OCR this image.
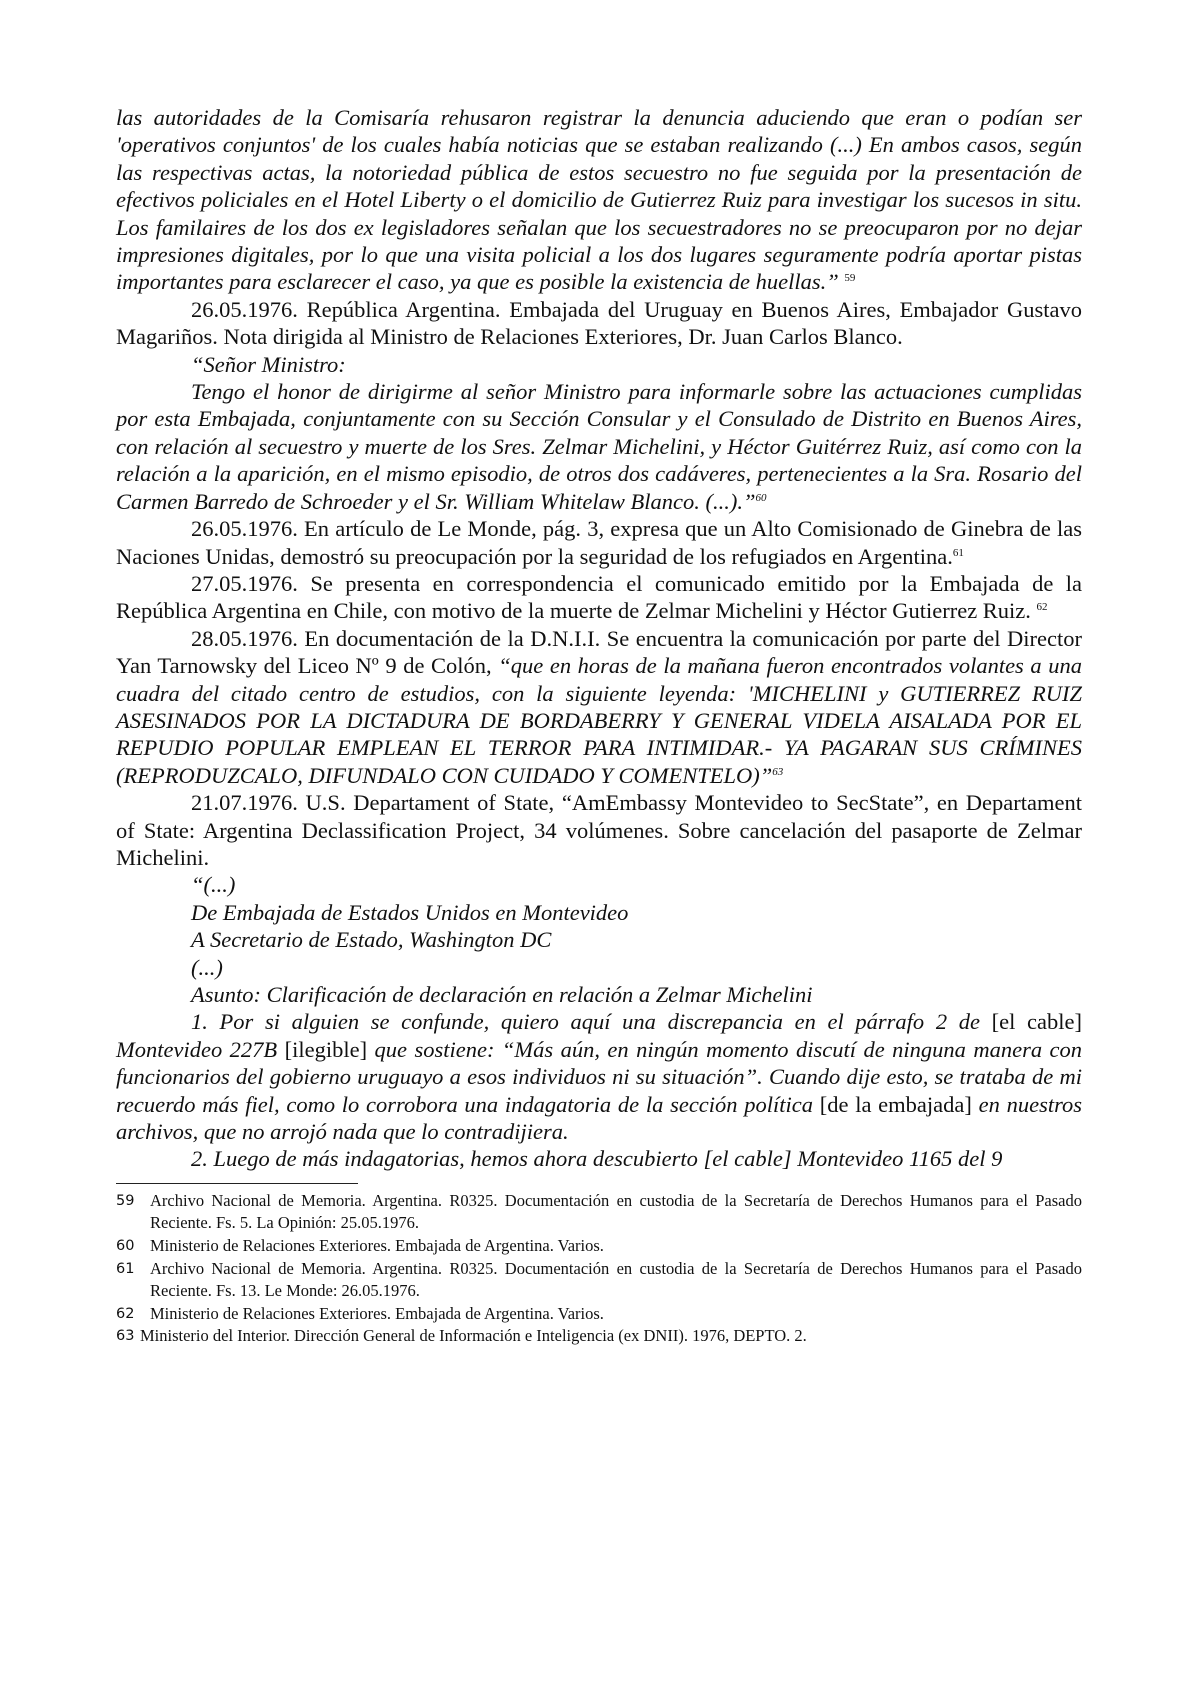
las autoridades de la Comisaría rehusaron registrar la denuncia aduciendo que eran o podían ser 'operativos conjuntos' de los cuales había noticias que se estaban realizando (...) En ambos casos, según las respectivas actas, la notoriedad pública de estos secuestro no fue seguida por la presentación de efectivos policiales en el Hotel Liberty o el domicilio de Gutierrez Ruiz para investigar los sucesos in situ. Los familaires de los dos ex legisladores señalan que los secuestradores no se preocuparon por no dejar impresiones digitales, por lo que una visita policial a los dos lugares seguramente podría aportar pistas importantes para esclarecer el caso, ya que es posible la existencia de huellas.” $^{59}$

26.05.1976. República Argentina. Embajada del Uruguay en Buenos Aires, Embajador Gustavo Magariños. Nota dirigida al Ministro de Relaciones Exteriores, Dr. Juan Carlos Blanco.

“Señor Ministro:

Tengo el honor de dirigirme al señor Ministro para informarle sobre las actuaciones cumplidas por esta Embajada, conjuntamente con su Sección Consular y el Consulado de Distrito en Buenos Aires, con relación al secuestro y muerte de los Sres. Zelmar Michelini, y Héctor Guitérrez Ruiz, así como con la relación a la aparición, en el mismo episodio, de otros dos cadáveres, pertenecientes a la Sra. Rosario del Carmen Barredo de Schroeder y el Sr. William Whitelaw Blanco. (...).”$^{60}$

26.05.1976. En artículo de Le Monde, pág. 3, expresa que un Alto Comisionado de Ginebra de las Naciones Unidas, demostró su preocupación por la seguridad de los refugiados en Argentina.$^{61}$

27.05.1976. Se presenta en correspondencia el comunicado emitido por la Embajada de la República Argentina en Chile, con motivo de la muerte de Zelmar Michelini y Héctor Gutierrez Ruiz. $^{62}$

28.05.1976. En documentación de la D.N.I.I. Se encuentra la comunicación por parte del Director Yan Tarnowsky del Liceo Nº 9 de Colón, “que en horas de la mañana fueron encontrados volantes a una cuadra del citado centro de estudios, con la siguiente leyenda: 'MICHELINI y GUTIERREZ RUIZ ASESINADOS POR LA DICTADURA DE BORDABERRY Y GENERAL VIDELA AISALADA POR EL REPUDIO POPULAR EMPLEAN EL TERROR PARA INTIMIDAR.- YA PAGARAN SUS CRÍMINES (REPRODUZCALO, DIFUNDALO CON CUIDADO Y COMENTELO)”$^{63}$

21.07.1976. U.S. Departament of State, “AmEmbassy Montevideo to SecState”, en Departament of State: Argentina Declassification Project, 34 volúmenes. Sobre cancelación del pasaporte de Zelmar Michelini.

“(...)
De Embajada de Estados Unidos en Montevideo
A Secretario de Estado, Washington DC
(...)
Asunto: Clarificación de declaración en relación a Zelmar Michelini

1. Por si alguien se confunde, quiero aquí una discrepancia en el párrafo 2 de [el cable] Montevideo 227B [ilegible] que sostiene: “Más aún, en ningún momento discutí de ninguna manera con funcionarios del gobierno uruguayo a esos individuos ni su situación”. Cuando dije esto, se trataba de mi recuerdo más fiel, como lo corrobora una indagatoria de la sección política [de la embajada] en nuestros archivos, que no arrojó nada que lo contradijiera.

2. Luego de más indagatorias, hemos ahora descubierto [el cable] Montevideo 1165 del 9

59 Archivo Nacional de Memoria. Argentina. R0325. Documentación en custodia de la Secretaría de Derechos Humanos para el Pasado Reciente. Fs. 5. La Opinión: 25.05.1976.
60 Ministerio de Relaciones Exteriores. Embajada de Argentina. Varios.
61 Archivo Nacional de Memoria. Argentina. R0325. Documentación en custodia de la Secretaría de Derechos Humanos para el Pasado Reciente. Fs. 13. Le Monde: 26.05.1976.
62 Ministerio de Relaciones Exteriores. Embajada de Argentina. Varios.
63 Ministerio del Interior. Dirección General de Información e Inteligencia (ex DNII). 1976, DEPTO. 2.
